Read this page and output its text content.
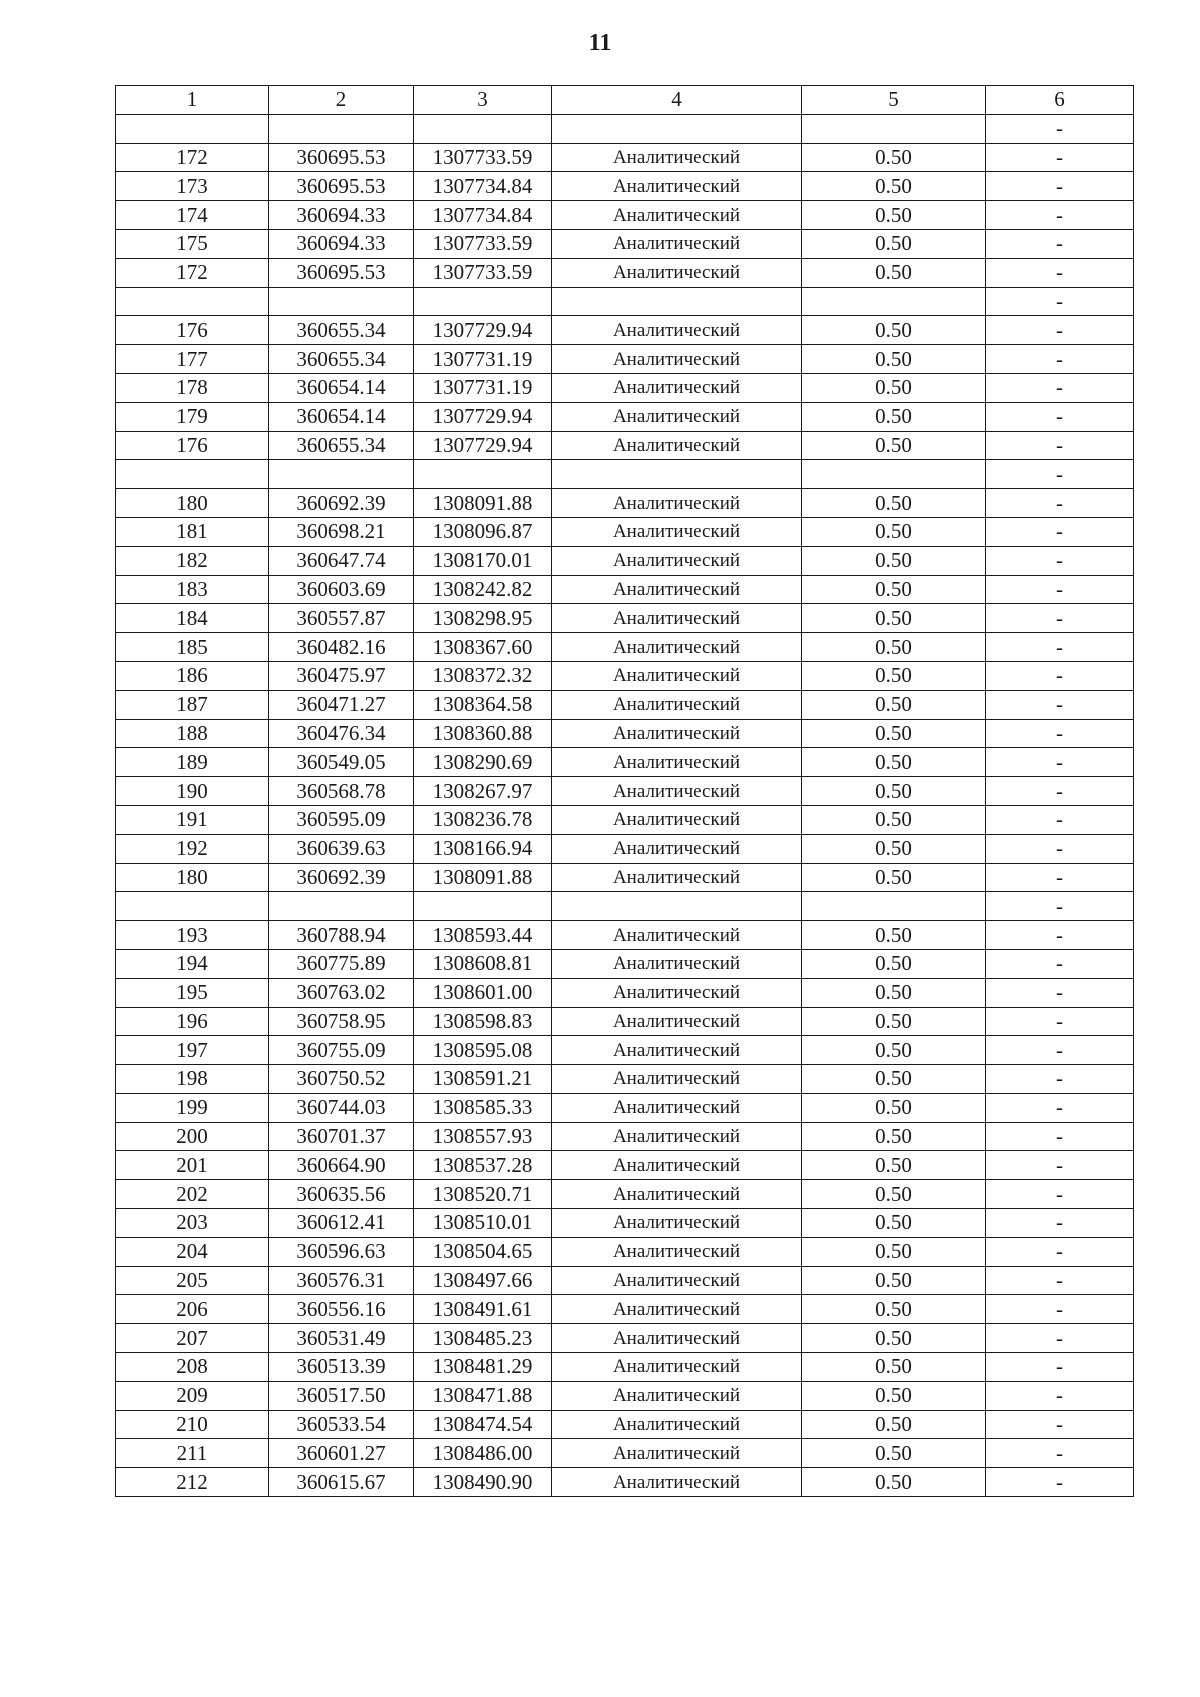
11
1	2	3	4	5	6
					-
172	360695.53	1307733.59	Аналитический	0.50	-
173	360695.53	1307734.84	Аналитический	0.50	-
174	360694.33	1307734.84	Аналитический	0.50	-
175	360694.33	1307733.59	Аналитический	0.50	-
172	360695.53	1307733.59	Аналитический	0.50	-
					-
176	360655.34	1307729.94	Аналитический	0.50	-
177	360655.34	1307731.19	Аналитический	0.50	-
178	360654.14	1307731.19	Аналитический	0.50	-
179	360654.14	1307729.94	Аналитический	0.50	-
176	360655.34	1307729.94	Аналитический	0.50	-
					-
180	360692.39	1308091.88	Аналитический	0.50	-
181	360698.21	1308096.87	Аналитический	0.50	-
182	360647.74	1308170.01	Аналитический	0.50	-
183	360603.69	1308242.82	Аналитический	0.50	-
184	360557.87	1308298.95	Аналитический	0.50	-
185	360482.16	1308367.60	Аналитический	0.50	-
186	360475.97	1308372.32	Аналитический	0.50	-
187	360471.27	1308364.58	Аналитический	0.50	-
188	360476.34	1308360.88	Аналитический	0.50	-
189	360549.05	1308290.69	Аналитический	0.50	-
190	360568.78	1308267.97	Аналитический	0.50	-
191	360595.09	1308236.78	Аналитический	0.50	-
192	360639.63	1308166.94	Аналитический	0.50	-
180	360692.39	1308091.88	Аналитический	0.50	-
					-
193	360788.94	1308593.44	Аналитический	0.50	-
194	360775.89	1308608.81	Аналитический	0.50	-
195	360763.02	1308601.00	Аналитический	0.50	-
196	360758.95	1308598.83	Аналитический	0.50	-
197	360755.09	1308595.08	Аналитический	0.50	-
198	360750.52	1308591.21	Аналитический	0.50	-
199	360744.03	1308585.33	Аналитический	0.50	-
200	360701.37	1308557.93	Аналитический	0.50	-
201	360664.90	1308537.28	Аналитический	0.50	-
202	360635.56	1308520.71	Аналитический	0.50	-
203	360612.41	1308510.01	Аналитический	0.50	-
204	360596.63	1308504.65	Аналитический	0.50	-
205	360576.31	1308497.66	Аналитический	0.50	-
206	360556.16	1308491.61	Аналитический	0.50	-
207	360531.49	1308485.23	Аналитический	0.50	-
208	360513.39	1308481.29	Аналитический	0.50	-
209	360517.50	1308471.88	Аналитический	0.50	-
210	360533.54	1308474.54	Аналитический	0.50	-
211	360601.27	1308486.00	Аналитический	0.50	-
212	360615.67	1308490.90	Аналитический	0.50	-
